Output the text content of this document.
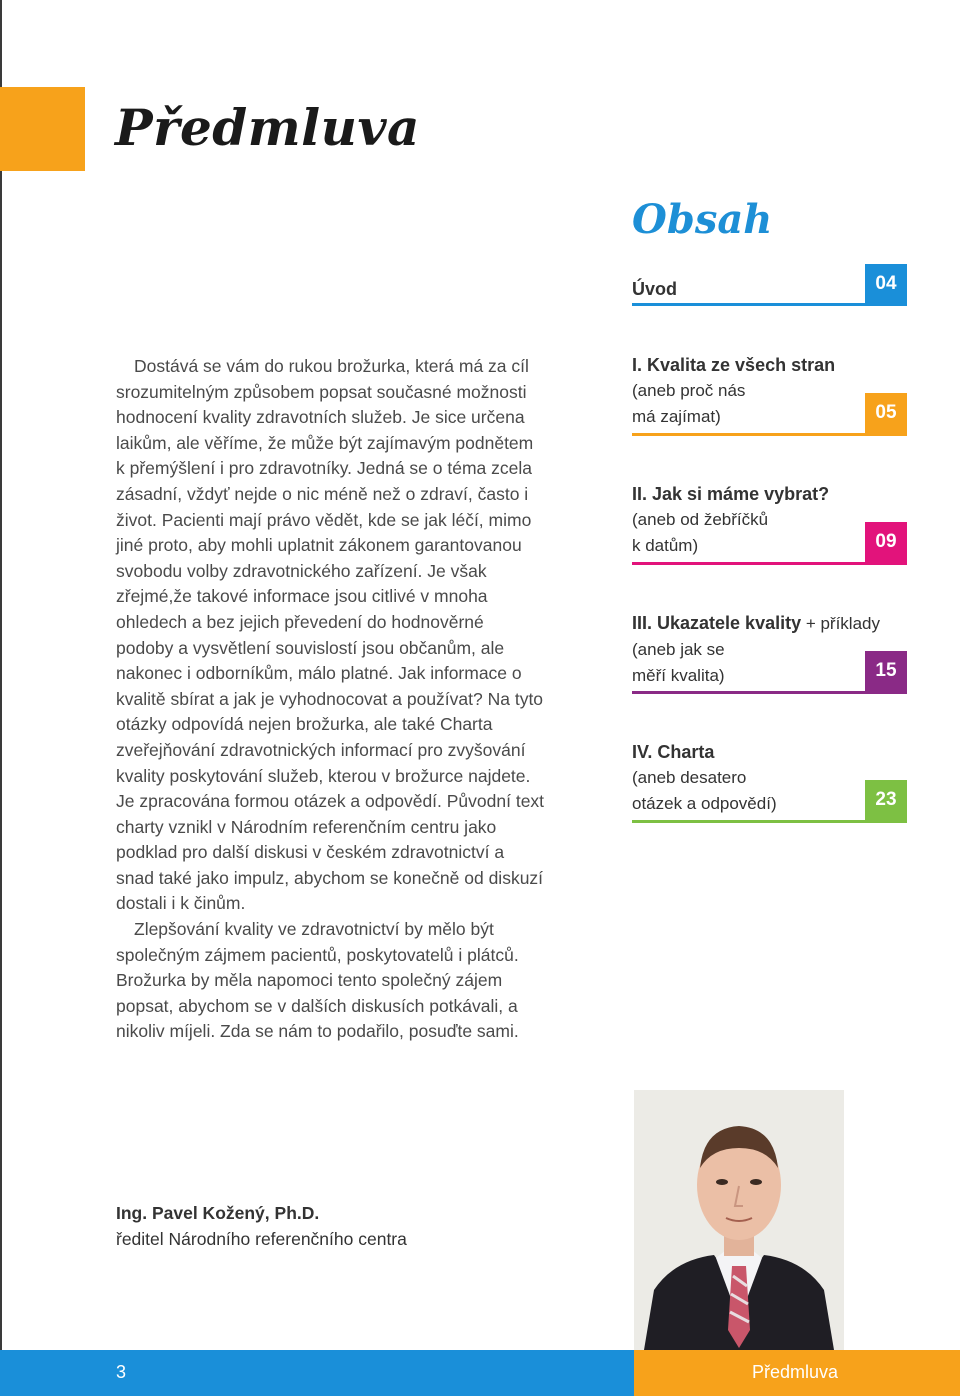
Předmluva
Obsah
Úvod	04
I. Kvalita ze všech stran
(aneb proč nás
má zajímat)	05
II. Jak si máme vybrat?
(aneb od žebříčků
k datům)	09
III. Ukazatele kvality + příklady
(aneb jak se
měří kvalita)	15
IV. Charta
(aneb desatero
otázek a odpovědí)	23

Dostává se vám do rukou brožurka, která má za cíl srozumitelným způsobem popsat současné možnosti hodnocení kvality zdravotních služeb. Je sice určena laikům, ale věříme, že může být zajímavým podnětem k přemýšlení i pro zdravotníky. Jedná se o téma zcela zásadní, vždyť nejde o nic méně než o zdraví, často i život. Pacienti mají právo vědět, kde se jak léčí, mimo jiné proto, aby mohli uplatnit zákonem garantovanou svobodu volby zdravotnického zařízení. Je však zřejmé,že takové informace jsou citlivé v mnoha ohledech a bez jejich převedení do hodnověrné podoby a vysvětlení souvislostí jsou občanům, ale nakonec i odborníkům, málo platné. Jak informace o kvalitě sbírat a jak je vyhodnocovat a používat? Na tyto otázky odpovídá nejen brožurka, ale také Charta zveřejňování zdravotnických informací pro zvyšování kvality poskytování služeb, kterou v brožurce najdete. Je zpracována formou otázek a odpovědí. Původní text charty vznikl v Národním referenčním centru jako podklad pro další diskusi v českém zdravotnictví a snad také jako impulz, abychom se konečně od diskuzí dostali i k činům.

Zlepšování kvality ve zdravotnictví by mělo být společným zájmem pacientů, poskytovatelů i plátců. Brožurka by měla napomoci tento společný zájem popsat, abychom se v dalších diskusích potkávali, a nikoliv míjeli. Zda se nám to podařilo, posuďte sami.

Ing. Pavel Kožený, Ph.D.
ředitel Národního referenčního centra
3	Předmluva
